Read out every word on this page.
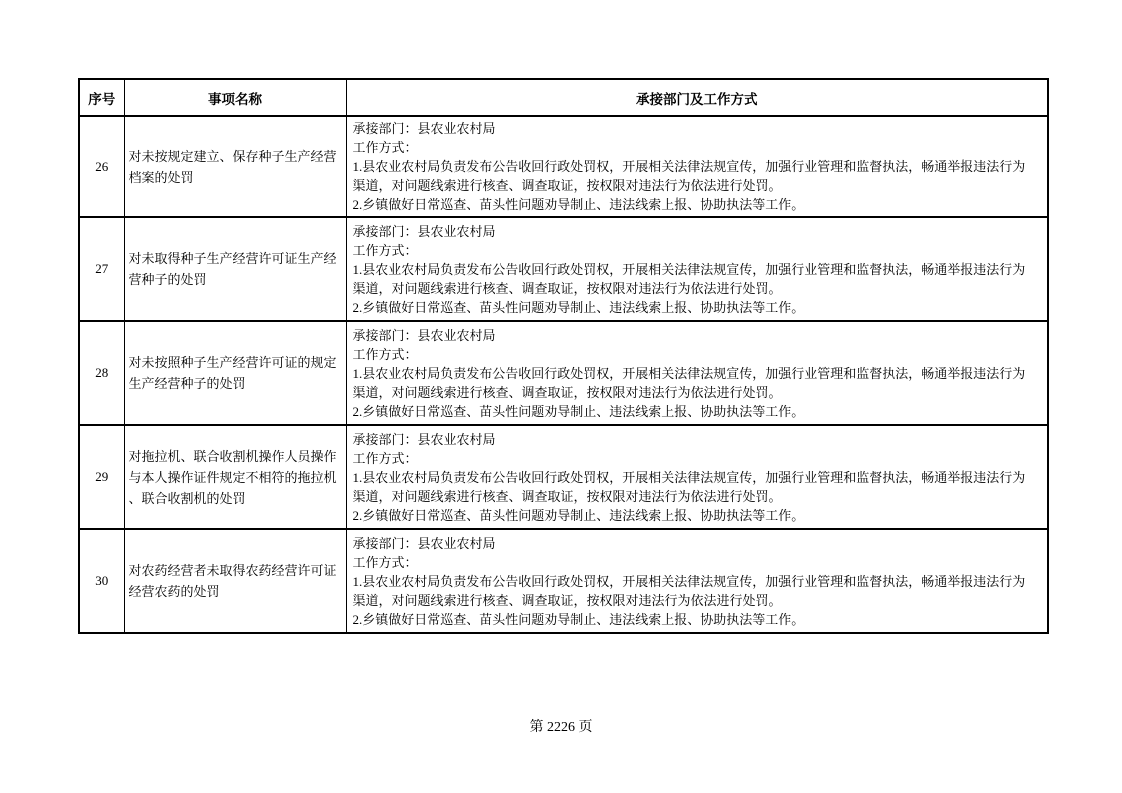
序号	事项名称	承接部门及工作方式
26	对未按规定建立、保存种子生产经营档案的处罚	承接部门：县农业农村局
工作方式：
1.县农业农村局负责发布公告收回行政处罚权，开展相关法律法规宣传，加强行业管理和监督执法，畅通举报违法行为渠道，对问题线索进行核查、调查取证，按权限对违法行为依法进行处罚。
2.乡镇做好日常巡查、苗头性问题劝导制止、违法线索上报、协助执法等工作。

27	对未取得种子生产经营许可证生产经营种子的处罚	承接部门：县农业农村局
工作方式：
1.县农业农村局负责发布公告收回行政处罚权，开展相关法律法规宣传，加强行业管理和监督执法，畅通举报违法行为渠道，对问题线索进行核查、调查取证，按权限对违法行为依法进行处罚。
2.乡镇做好日常巡查、苗头性问题劝导制止、违法线索上报、协助执法等工作。

28	对未按照种子生产经营许可证的规定生产经营种子的处罚	承接部门：县农业农村局
工作方式：
1.县农业农村局负责发布公告收回行政处罚权，开展相关法律法规宣传，加强行业管理和监督执法，畅通举报违法行为渠道，对问题线索进行核查、调查取证，按权限对违法行为依法进行处罚。
2.乡镇做好日常巡查、苗头性问题劝导制止、违法线索上报、协助执法等工作。

29	对拖拉机、联合收割机操作人员操作与本人操作证件规定不相符的拖拉机、联合收割机的处罚	承接部门：县农业农村局
工作方式：
1.县农业农村局负责发布公告收回行政处罚权，开展相关法律法规宣传，加强行业管理和监督执法，畅通举报违法行为渠道，对问题线索进行核查、调查取证，按权限对违法行为依法进行处罚。
2.乡镇做好日常巡查、苗头性问题劝导制止、违法线索上报、协助执法等工作。

30	对农药经营者未取得农药经营许可证经营农药的处罚	承接部门：县农业农村局
工作方式：
1.县农业农村局负责发布公告收回行政处罚权，开展相关法律法规宣传，加强行业管理和监督执法，畅通举报违法行为渠道，对问题线索进行核查、调查取证，按权限对违法行为依法进行处罚。
2.乡镇做好日常巡查、苗头性问题劝导制止、违法线索上报、协助执法等工作。
第 2226 页
